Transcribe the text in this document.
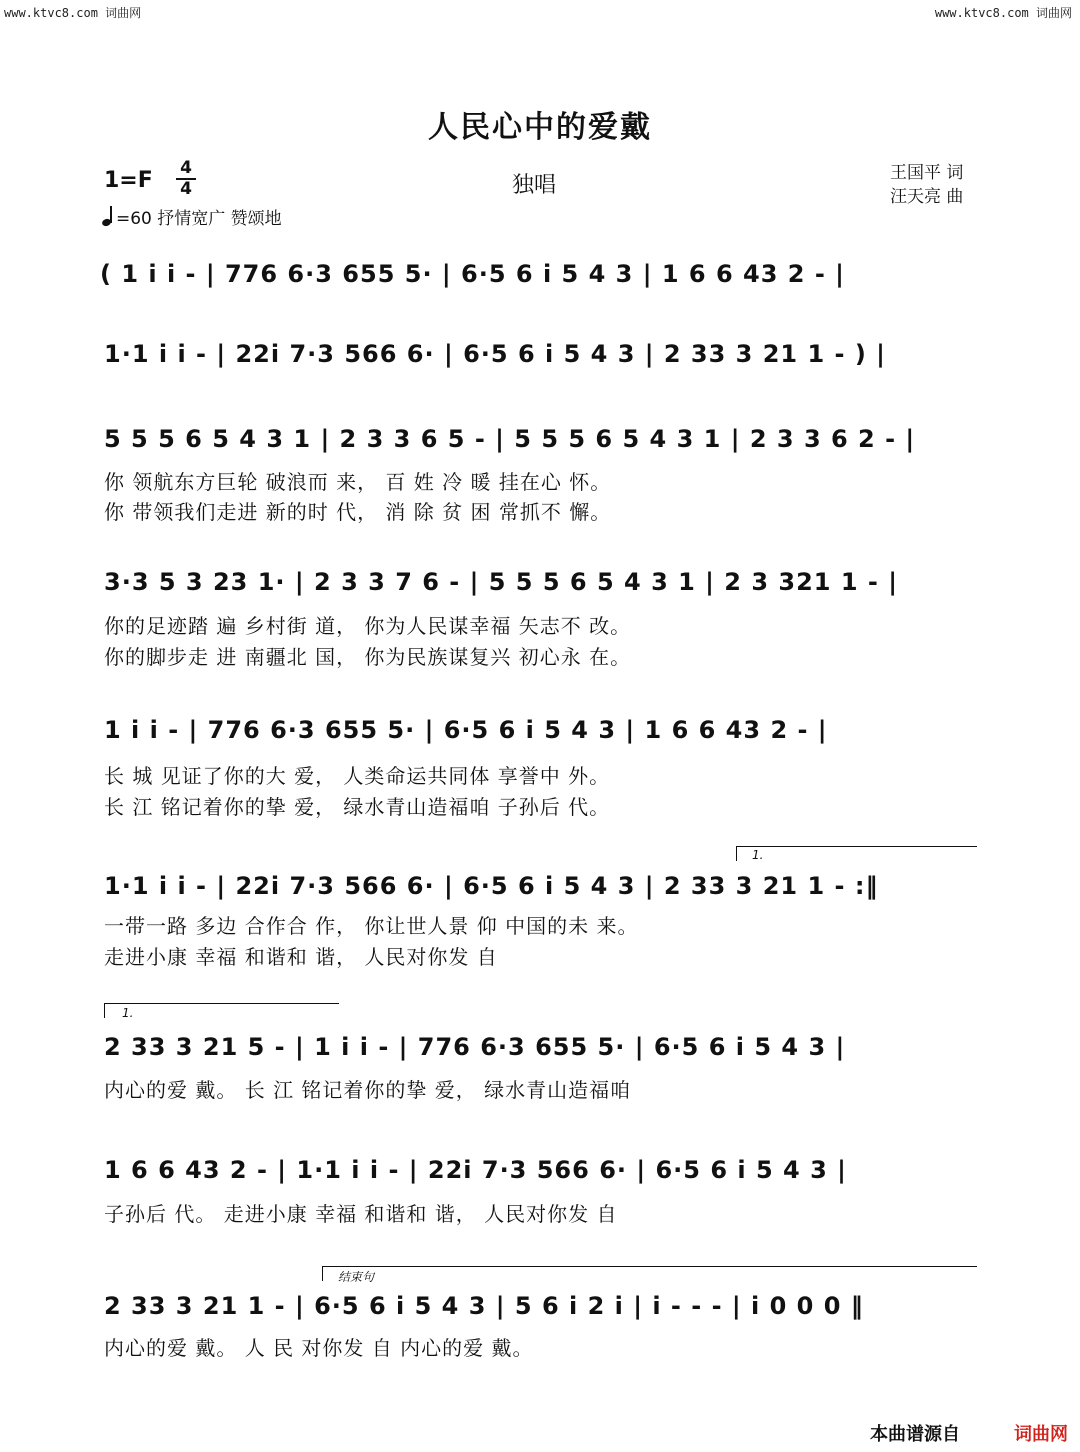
www.ktvc8.com 词曲网	www.ktvc8.com 词曲网
人民心中的爱戴
1=F 4
4	独唱	王国平 词
汪天亮 曲
=60 抒情宽广 赞颂地
( 1 i i - | 776 6·3 655 5· | 6·5 6 i 5 4 3 | 1 6 6 43 2 - |
1·1 i i - | 22i 7·3 566 6· | 6·5 6 i 5 4 3 | 2 33 3 21 1 - ) |
5 5 5 6 5 4 3 1 | 2 3 3 6 5 - | 5 5 5 6 5 4 3 1 | 2 3 3 6 2 - |
你 领航东方巨轮 破浪而 来， 百 姓 冷 暖 挂在心 怀。
你 带领我们走进 新的时 代， 消 除 贫 困 常抓不 懈。
3·3 5 3 23 1· | 2 3 3 7 6 - | 5 5 5 6 5 4 3 1 | 2 3 321 1 - |
你的足迹踏 遍 乡村街 道， 你为人民谋幸福 矢志不 改。
你的脚步走 进 南疆北 国， 你为民族谋复兴 初心永 在。
1 i i - | 776 6·3 655 5· | 6·5 6 i 5 4 3 | 1 6 6 43 2 - |
长 城 见证了你的大 爱， 人类命运共同体 享誉中 外。
长 江 铭记着你的挚 爱， 绿水青山造福咱 子孙后 代。
1.
1·1 i i - | 22i 7·3 566 6· | 6·5 6 i 5 4 3 | 2 33 3 21 1 - :‖
一带一路 多边 合作合 作， 你让世人景 仰 中国的未 来。
走进小康 幸福 和谐和 谐， 人民对你发 自
1.
2 33 3 21 5 - | 1 i i - | 776 6·3 655 5· | 6·5 6 i 5 4 3 |
内心的爱 戴。 长 江 铭记着你的挚 爱， 绿水青山造福咱
1 6 6 43 2 - | 1·1 i i - | 22i 7·3 566 6· | 6·5 6 i 5 4 3 |
子孙后 代。 走进小康 幸福 和谐和 谐， 人民对你发 自
结束句
2 33 3 21 1 - | 6·5 6 i 5 4 3 | 5 6 i 2 i | i - - - | i 0 0 0 ‖
内心的爱 戴。 人 民 对你发 自 内心的爱 戴。
本曲谱源自	词曲网
